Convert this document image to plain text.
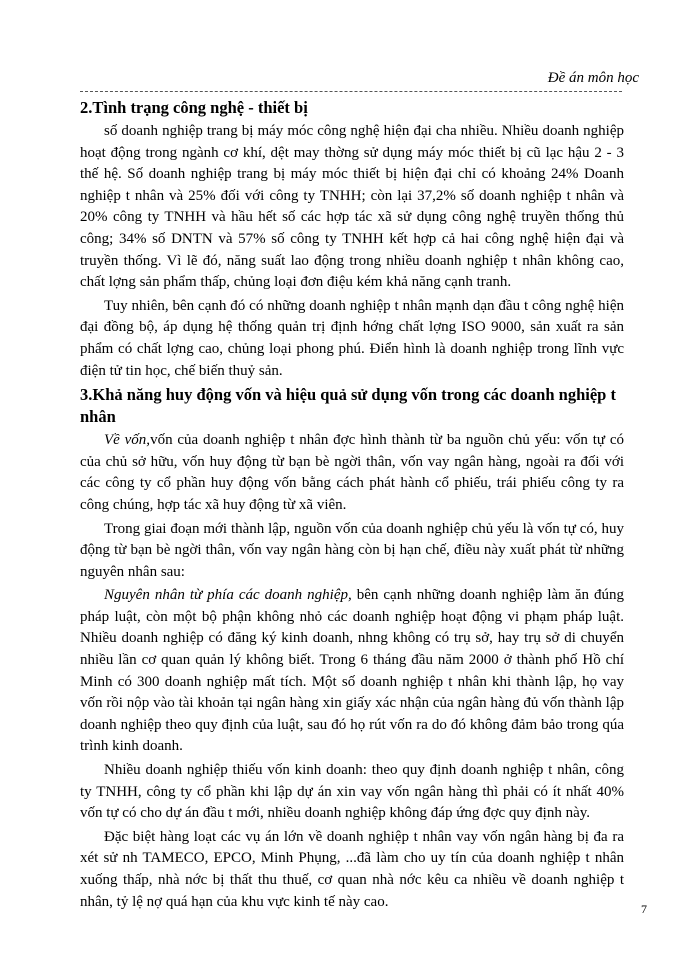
Đề án môn học
2.Tình trạng công nghệ - thiết bị

số doanh nghiệp trang bị máy móc công nghệ hiện đại cha nhiều. Nhiều doanh nghiệp hoạt động trong ngành cơ khí, dệt may thờng sử dụng máy móc thiết bị cũ lạc hậu 2 - 3 thế hệ. Số doanh nghiệp trang bị máy móc thiết bị hiện đại chỉ có khoảng 24% Doanh nghiệp t nhân và 25% đối với công ty TNHH; còn lại 37,2% số doanh nghiệp t nhân và 20% công ty TNHH và hầu hết số các hợp tác xã sử dụng công nghệ truyền thống thủ công; 34% số DNTN và 57% số công ty TNHH kết hợp cả hai công nghệ hiện đại và truyền thống. Vì lẽ đó, năng suất lao động trong nhiều doanh nghiệp t nhân không cao, chất lợng sản phẩm thấp, chủng loại đơn điệu kém khả năng cạnh tranh.

Tuy nhiên, bên cạnh đó có những doanh nghiệp t nhân mạnh dạn đầu t công nghệ hiện đại đồng bộ, áp dụng hệ thống quản trị định hớng chất lợng ISO 9000, sản xuất ra sản phẩm có chất lợng cao, chủng loại phong phú. Điển hình là doanh nghiệp trong lĩnh vực điện tử tin học, chế biến thuỷ sản.

3.Khả năng huy động vốn và hiệu quả sử dụng vốn trong các doanh nghiệp t nhân

Về vốn,vốn của doanh nghiệp t nhân đợc hình thành từ ba nguồn chủ yếu: vốn tự có của chủ sở hữu, vốn huy động từ bạn bè ngời thân, vốn vay ngân hàng, ngoài ra đối với các công ty cổ phần huy động vốn bằng cách phát hành cổ phiếu, trái phiếu công ty ra công chúng, hợp tác xã huy động từ xã viên.

Trong giai đoạn mới thành lập, nguồn vốn của doanh nghiệp chủ yếu là vốn tự có, huy động từ bạn bè ngời thân, vốn vay ngân hàng còn bị hạn chế, điều này xuất phát từ những nguyên nhân sau:

Nguyên nhân từ phía các doanh nghiệp, bên cạnh những doanh nghiệp làm ăn đúng pháp luật, còn một bộ phận không nhỏ các doanh nghiệp hoạt động vi phạm pháp luật. Nhiều doanh nghiệp có đăng ký kinh doanh, nhng không có trụ sở, hay trụ sở di chuyển nhiều lần cơ quan quản lý không biết. Trong 6 tháng đầu năm 2000 ở thành phố Hồ chí Minh có 300 doanh nghiệp mất tích. Một số doanh nghiệp t nhân khi thành lập, họ vay vốn rồi nộp vào tài khoản tại ngân hàng xin giấy xác nhận của ngân hàng đủ vốn thành lập doanh nghiệp theo quy định của luật, sau đó họ rút vốn ra do đó không đảm bảo trong qúa trình kinh doanh.

Nhiều doanh nghiệp thiếu vốn kinh doanh: theo quy định doanh nghiệp t nhân, công ty TNHH, công ty cổ phần khi lập dự án xin vay vốn ngân hàng thì phải có ít nhất 40% vốn tự có cho dự án đầu t mới, nhiều doanh nghiệp không đáp ứng đợc quy định này.

Đặc biệt hàng loạt các vụ án lớn về doanh nghiệp t nhân vay vốn ngân hàng bị đa ra xét sử nh TAMECO, EPCO, Minh Phụng, ...đã làm cho uy tín của doanh nghiệp t nhân xuống thấp, nhà nớc bị thất thu thuế, cơ quan nhà nớc kêu ca nhiều về doanh nghiệp t nhân, tỷ lệ nợ quá hạn của khu vực kinh tế này cao.	7
